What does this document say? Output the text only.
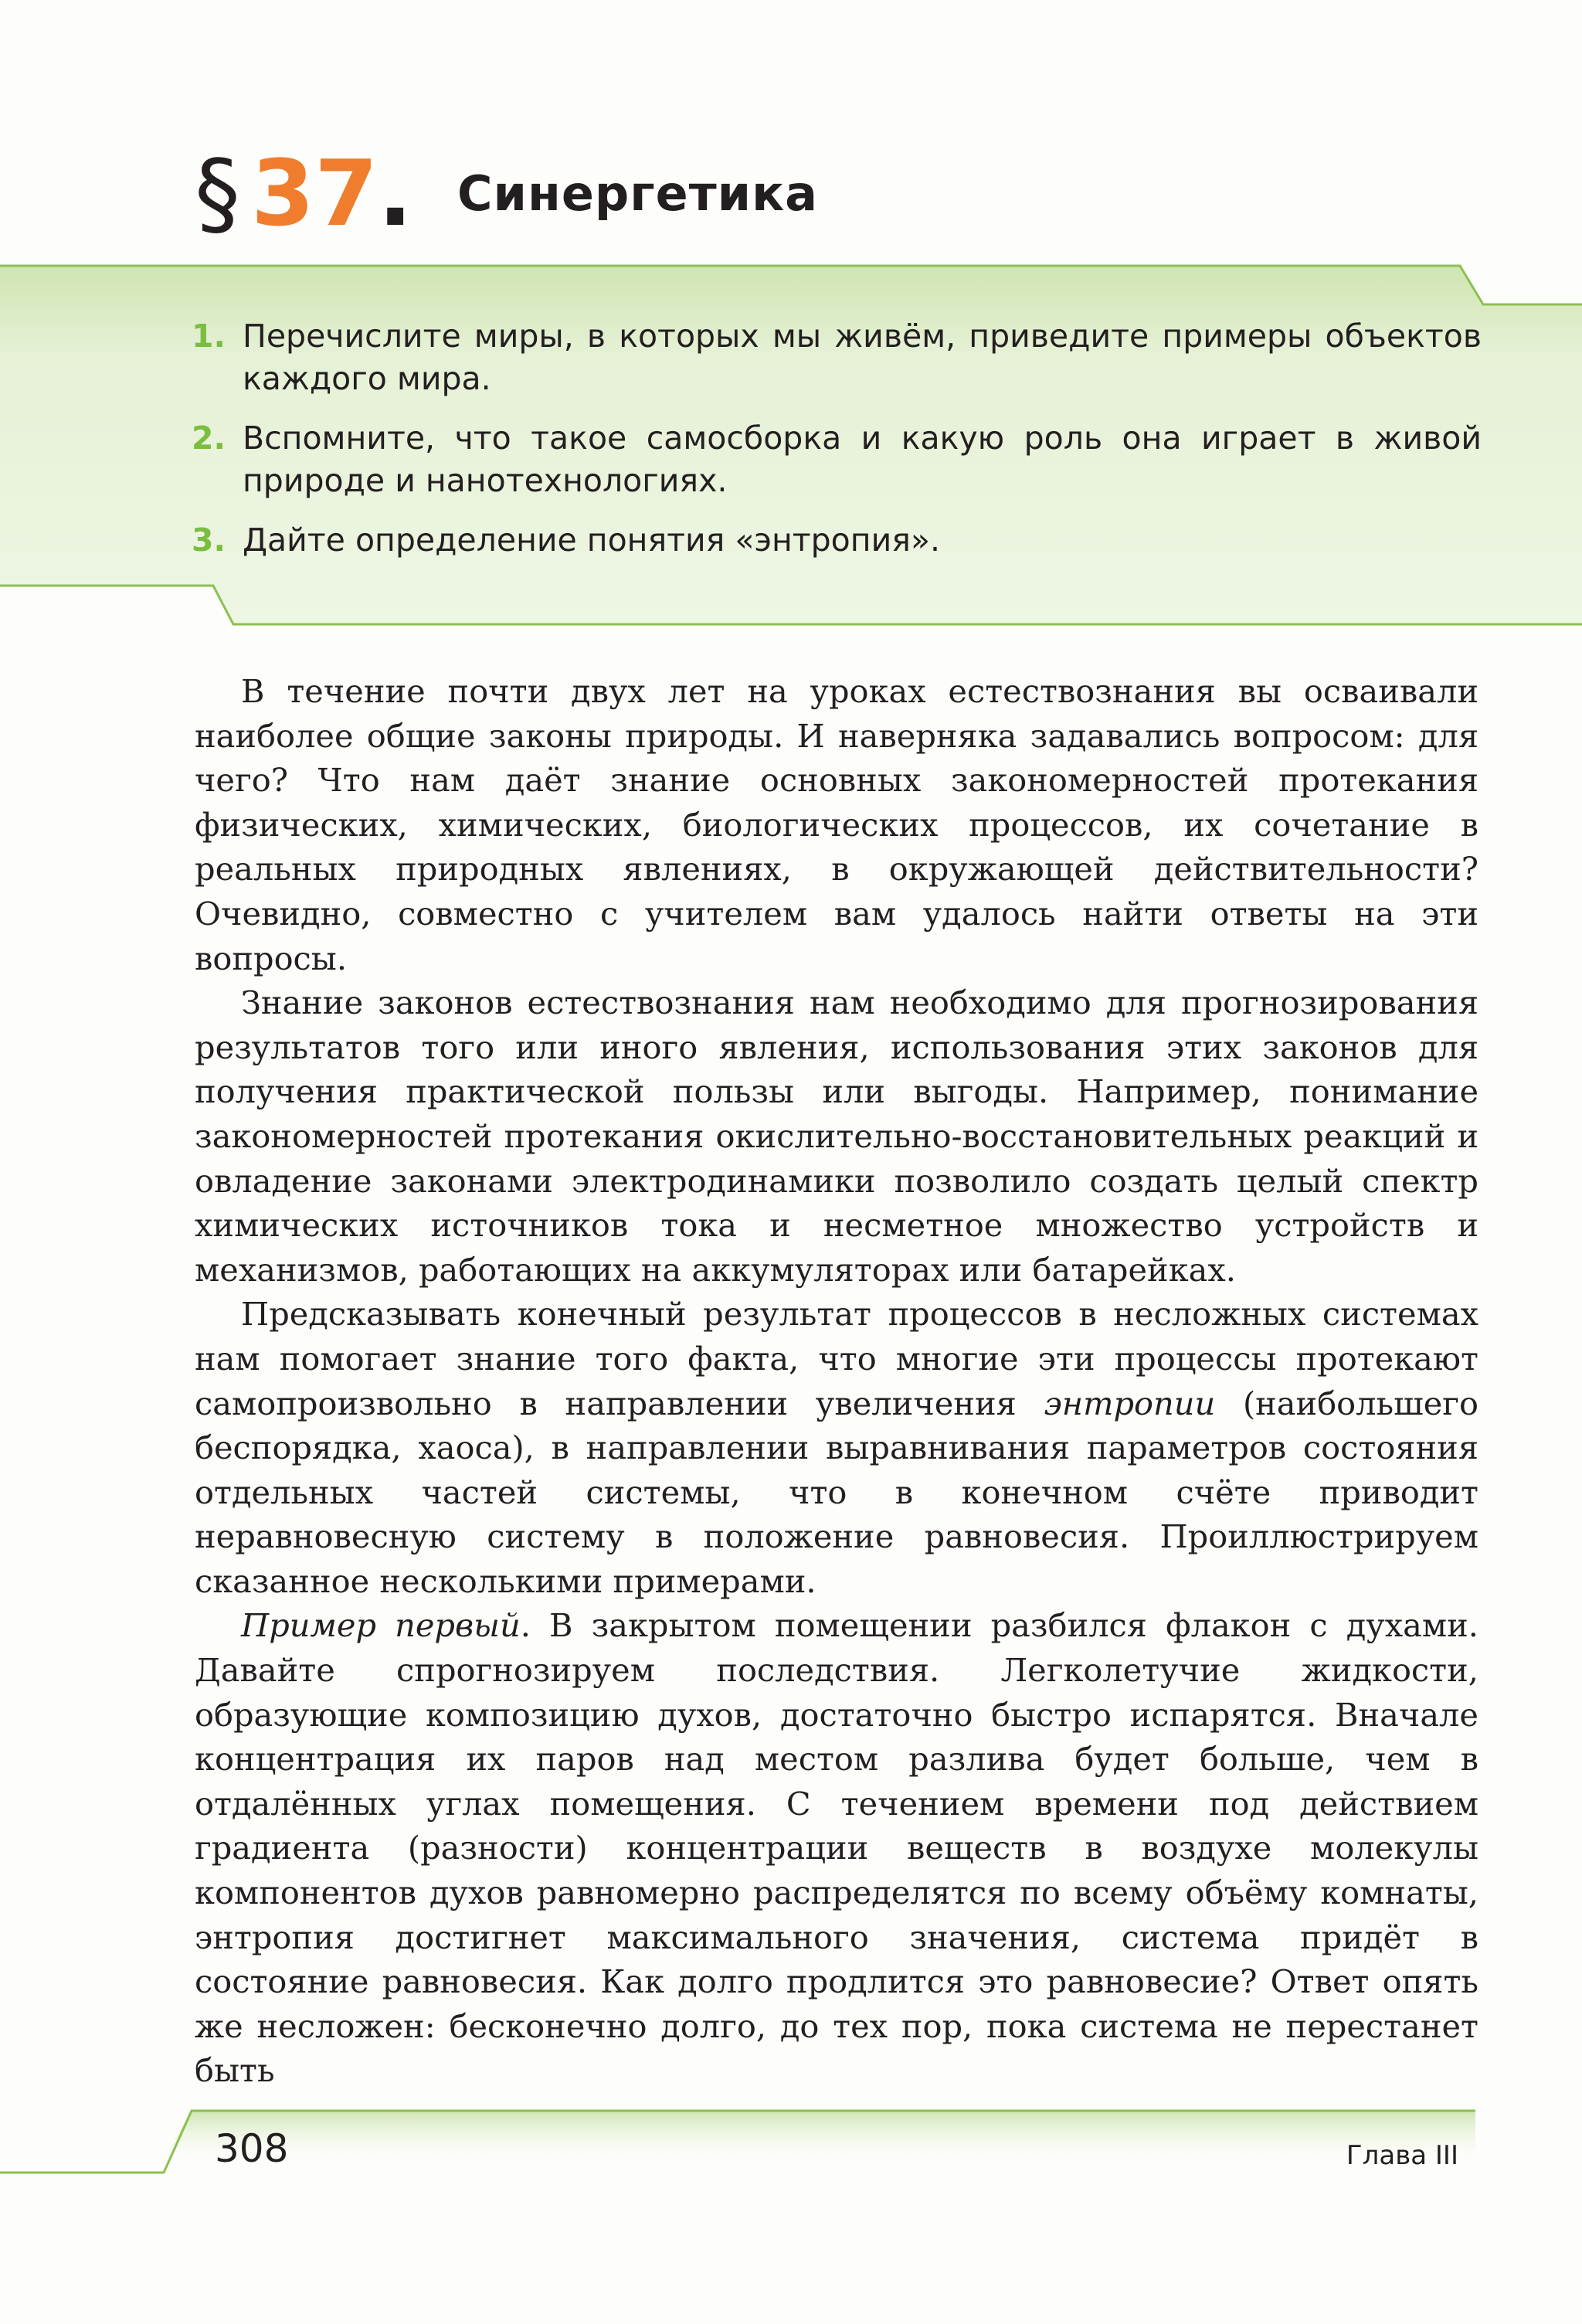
§ 37 . Синергетика
1. Перечислите миры, в которых мы живём, приведите примеры объектов каждого мира.
2. Вспомните, что такое самосборка и какую роль она играет в живой природе и нанотехнологиях.
3. Дайте определение понятия «энтропия».

В течение почти двух лет на уроках естествознания вы осваивали наиболее общие законы природы. И наверняка задавались вопросом: для чего? Что нам даёт знание основных закономерностей протекания физических, химических, биологических процессов, их сочетание в реальных природных явлениях, в окружающей действительности? Очевидно, совместно с учителем вам удалось найти ответы на эти вопросы.

Знание законов естествознания нам необходимо для прогнозирования результатов того или иного явления, использования этих законов для получения практической пользы или выгоды. Например, понимание закономерностей протекания окислительно-восстановительных реакций и овладение законами электродинамики позволило создать целый спектр химических источников тока и несметное множество устройств и механизмов, работающих на аккумуляторах или батарейках.

Предсказывать конечный результат процессов в несложных системах нам помогает знание того факта, что многие эти процессы протекают самопроизвольно в направлении увеличения энтропии (наибольшего беспорядка, хаоса), в направлении выравнивания параметров состояния отдельных частей системы, что в конечном счёте приводит неравновесную систему в положение равновесия. Проиллюстрируем сказанное несколькими примерами.

Пример первый. В закрытом помещении разбился флакон с духами. Давайте спрогнозируем последствия. Легколетучие жидкости, образующие композицию духов, достаточно быстро испарятся. Вначале концентрация их паров над местом разлива будет больше, чем в отдалённых углах помещения. С течением времени под действием градиента (разности) концентрации веществ в воздухе молекулы компонентов духов равномерно распределятся по всему объёму комнаты, энтропия достигнет максимального значения, система придёт в состояние равновесия. Как долго продлится это равновесие? Ответ опять же несложен: бесконечно долго, до тех пор, пока система не перестанет быть

308	Глава III
